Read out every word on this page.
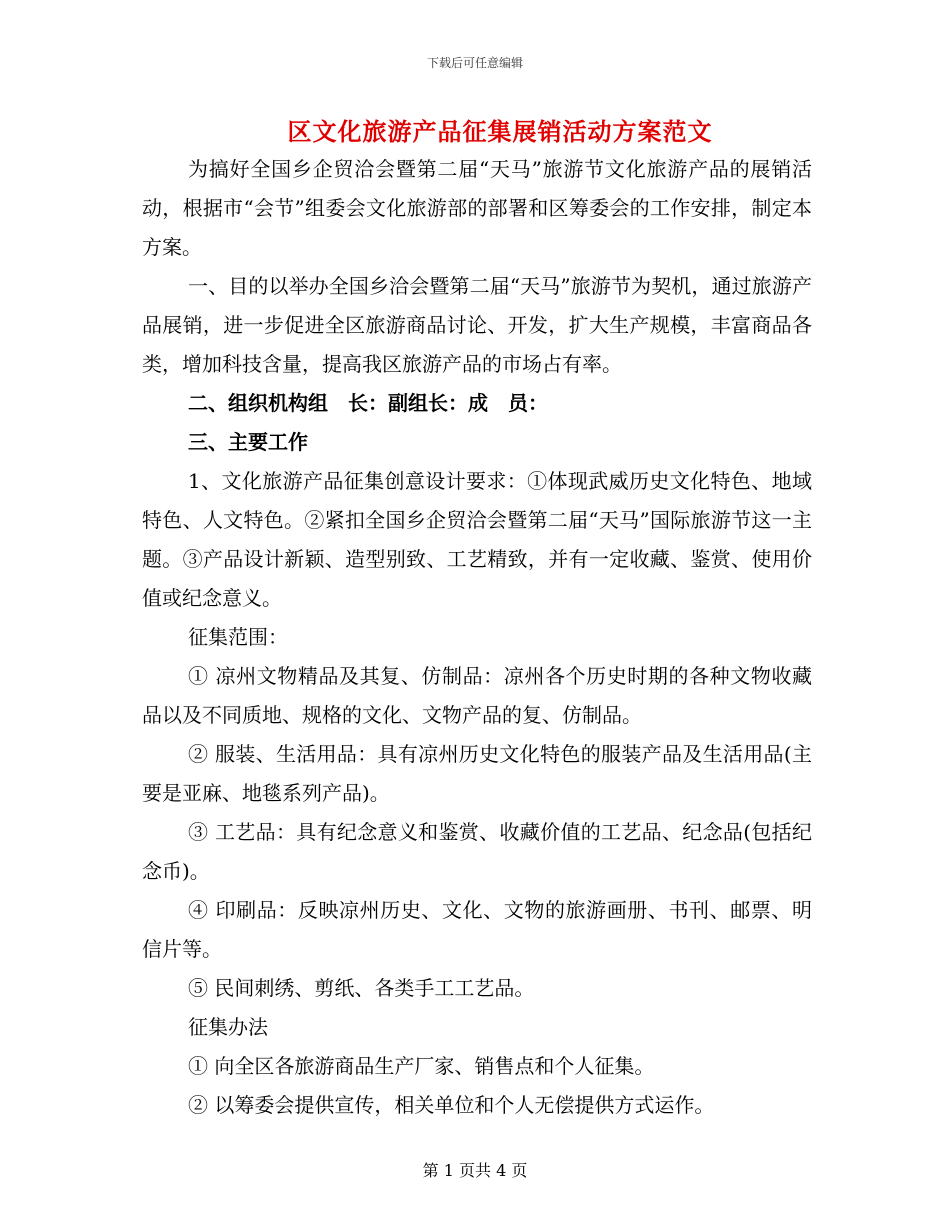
下载后可任意编辑
区文化旅游产品征集展销活动方案范文

为搞好全国乡企贸洽会暨第二届“天马”旅游节文化旅游产品的展销活动，根据市“会节”组委会文化旅游部的部署和区筹委会的工作安排，制定本方案。

一、目的以举办全国乡洽会暨第二届“天马”旅游节为契机，通过旅游产品展销，进一步促进全区旅游商品讨论、开发，扩大生产规模，丰富商品各类，增加科技含量，提高我区旅游产品的市场占有率。

二、组织机构组　长：副组长：成　员：

三、主要工作

1、文化旅游产品征集创意设计要求：①体现武威历史文化特色、地域特色、人文特色。②紧扣全国乡企贸洽会暨第二届“天马”国际旅游节这一主题。③产品设计新颖、造型别致、工艺精致，并有一定收藏、鉴赏、使用价值或纪念意义。

征集范围：

① 凉州文物精品及其复、仿制品：凉州各个历史时期的各种文物收藏品以及不同质地、规格的文化、文物产品的复、仿制品。

② 服装、生活用品：具有凉州历史文化特色的服装产品及生活用品(主要是亚麻、地毯系列产品)。

③ 工艺品：具有纪念意义和鉴赏、收藏价值的工艺品、纪念品(包括纪念币)。

④ 印刷品：反映凉州历史、文化、文物的旅游画册、书刊、邮票、明信片等。

⑤ 民间刺绣、剪纸、各类手工工艺品。

征集办法

① 向全区各旅游商品生产厂家、销售点和个人征集。

② 以筹委会提供宣传，相关单位和个人无偿提供方式运作。

第 1 页共 4 页
